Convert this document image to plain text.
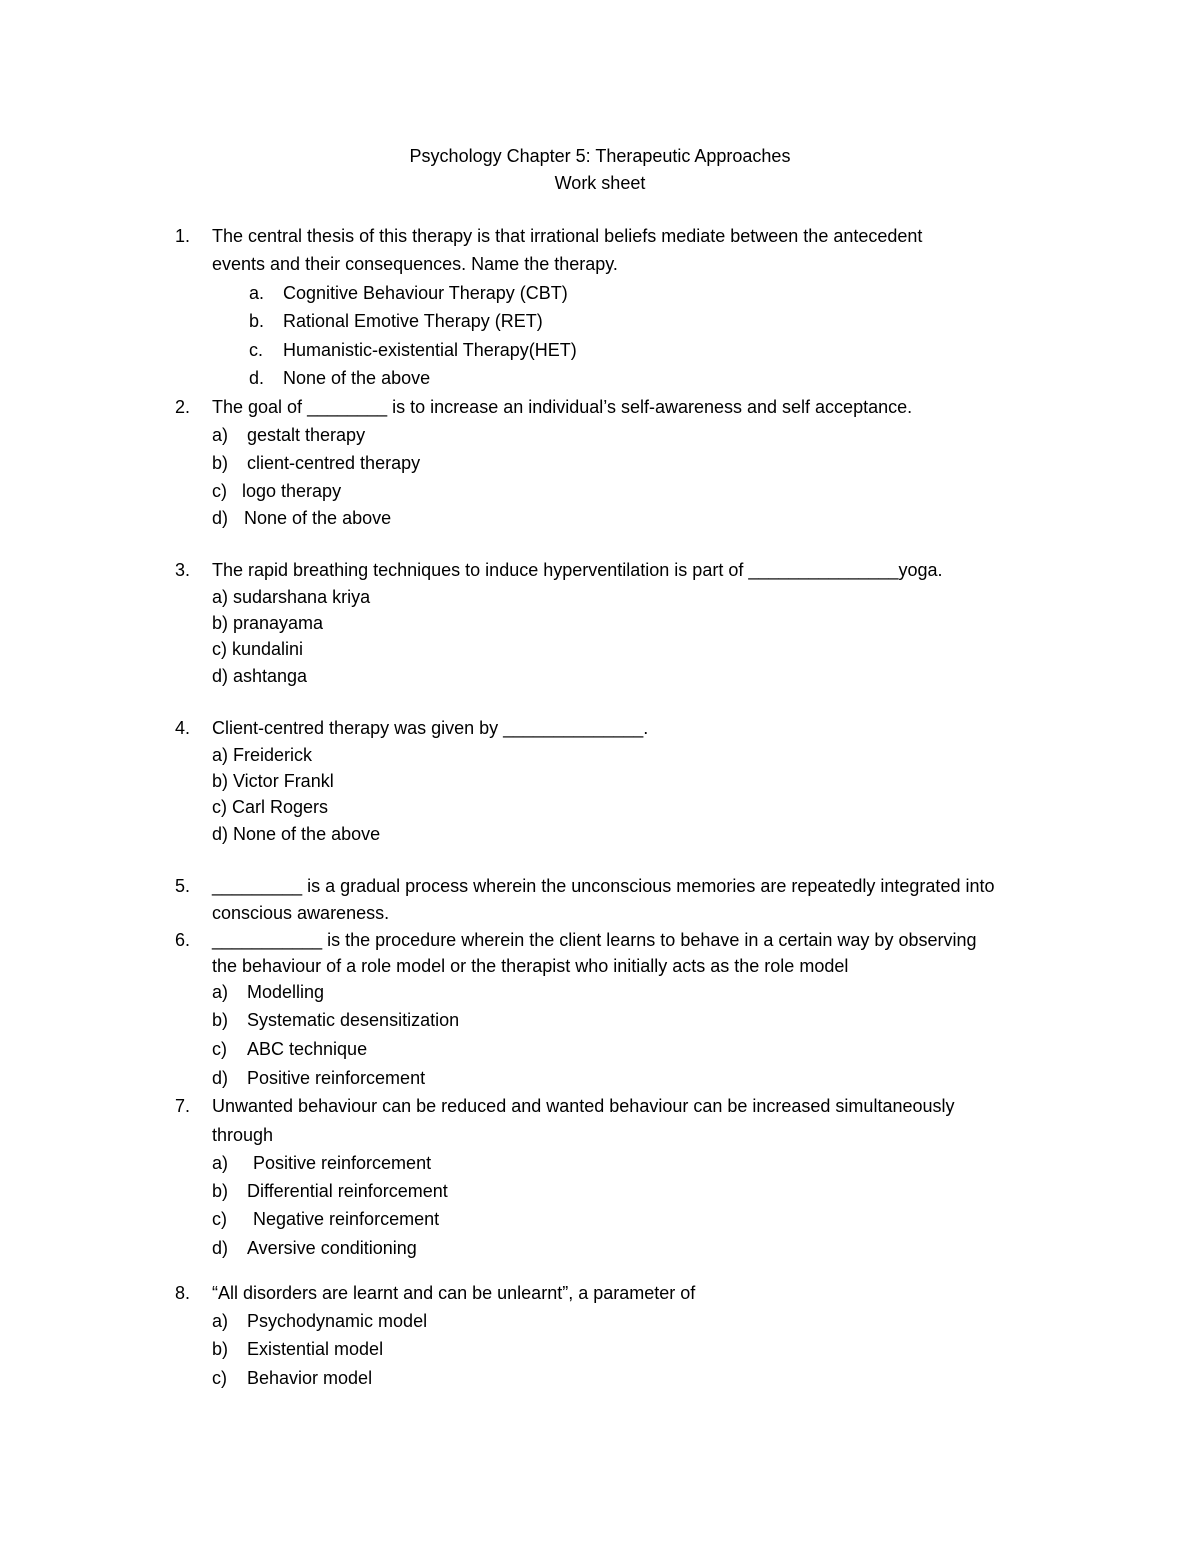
Psychology Chapter 5: Therapeutic Approaches
Work sheet
1. The central thesis of this therapy is that irrational beliefs mediate between the antecedent
events and their consequences. Name the therapy.
a. Cognitive Behaviour Therapy (CBT)
b. Rational Emotive Therapy (RET)
c. Humanistic-existential Therapy(HET)
d. None of the above
2. The goal of ________ is to increase an individual’s self-awareness and self acceptance.
a) gestalt therapy
b) client-centred therapy
c) logo therapy
d) None of the above
3. The rapid breathing techniques to induce hyperventilation is part of _______________yoga.
a) sudarshana kriya
b) pranayama
c) kundalini
d) ashtanga
4. Client-centred therapy was given by ______________.
a) Freiderick
b) Victor Frankl
c) Carl Rogers
d) None of the above
5. _________ is a gradual process wherein the unconscious memories are repeatedly integrated into
conscious awareness.
6. ___________ is the procedure wherein the client learns to behave in a certain way by observing
the behaviour of a role model or the therapist who initially acts as the role model
a) Modelling
b) Systematic desensitization
c) ABC technique
d) Positive reinforcement
7. Unwanted behaviour can be reduced and wanted behaviour can be increased simultaneously
through
a) Positive reinforcement
b) Differential reinforcement
c) Negative reinforcement
d) Aversive conditioning
8. “All disorders are learnt and can be unlearnt”, a parameter of
a) Psychodynamic model
b) Existential model
c) Behavior model
